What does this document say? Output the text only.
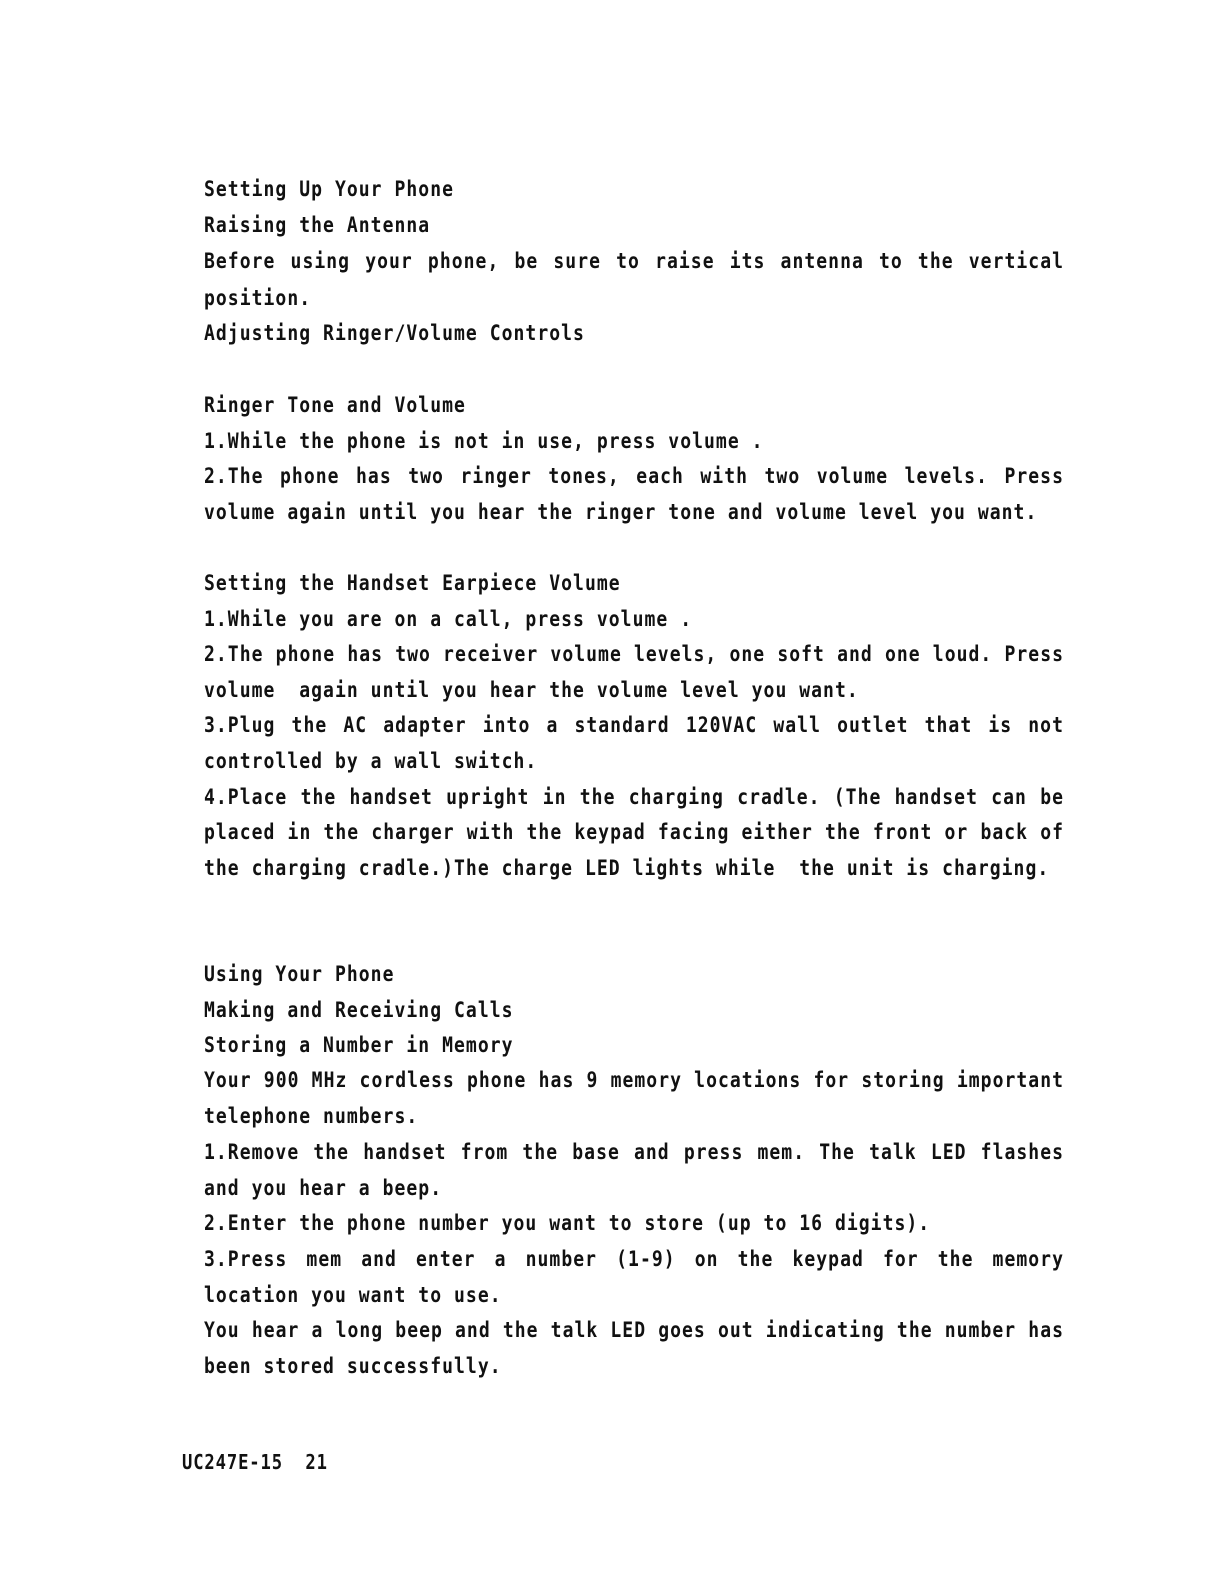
Setting Up Your Phone
Raising the Antenna
Before using your phone, be sure to raise its antenna to the vertical
position.
Adjusting Ringer/Volume Controls
Ringer Tone and Volume
1.While the phone is not in use, press volume .
2.The phone has two ringer tones, each with two volume levels. Press
volume again until you hear the ringer tone and volume level you want.
Setting the Handset Earpiece Volume
1.While you are on a call, press volume .
2.The phone has two receiver volume levels, one soft and one loud. Press
volume  again until you hear the volume level you want.
3.Plug the AC adapter into a standard 120VAC wall outlet that is not
controlled by a wall switch.
4.Place the handset upright in the charging cradle. (The handset can be
placed in the charger with the keypad facing either the front or back of
the charging cradle.)The charge LED lights while  the unit is charging.
Using Your Phone
Making and Receiving Calls
Storing a Number in Memory
Your 900 MHz cordless phone has 9 memory locations for storing important
telephone numbers.
1.Remove the handset from the base and press mem. The talk LED flashes
and you hear a beep.
2.Enter the phone number you want to store (up to 16 digits).
3.Press mem and enter a number (1-9) on the keypad for the memory
location you want to use.
You hear a long beep and the talk LED goes out indicating the number has
been stored successfully.
UC247E-15  21
